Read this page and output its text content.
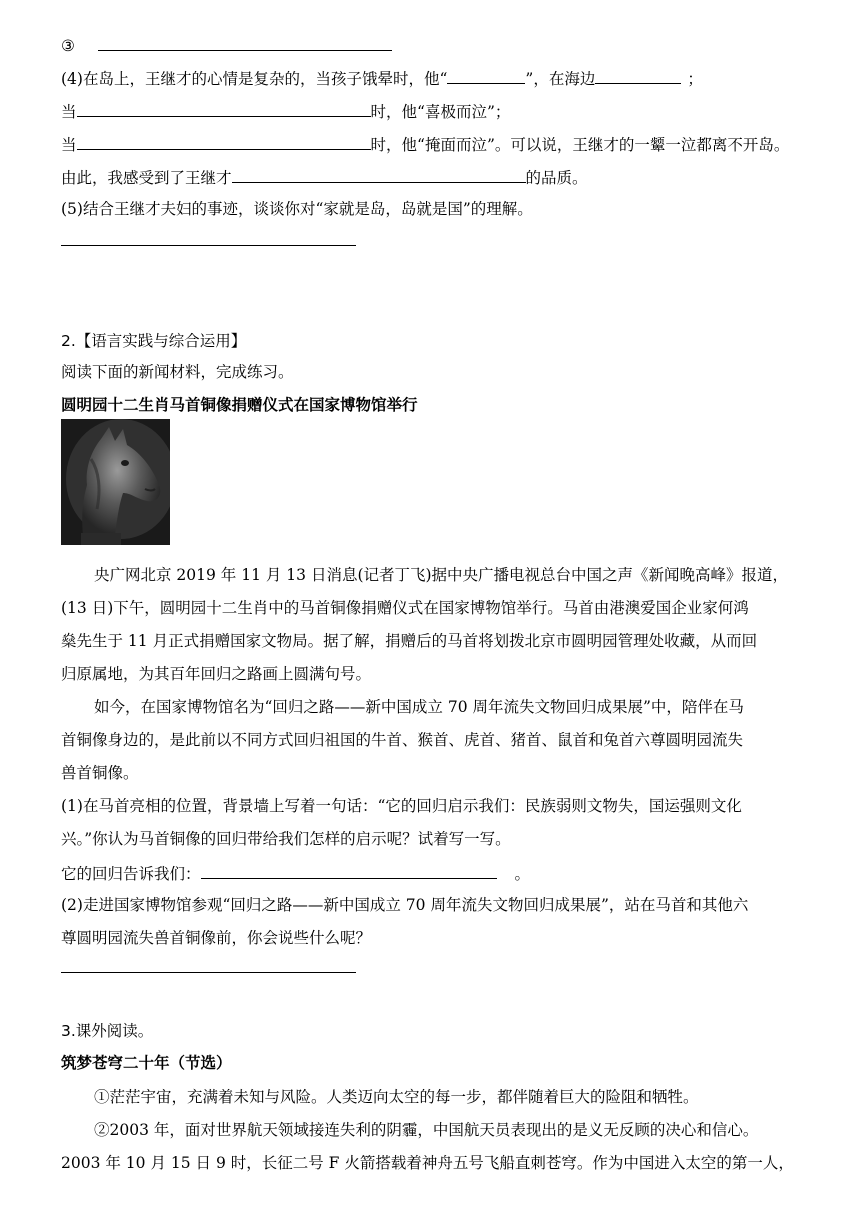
③
(4)在岛上，王继才的心情是复杂的，当孩子饿晕时，他“	”，在海边	；
当	时，他“喜极而泣”；
当	时，他“掩面而泣”。可以说，王继才的一颦一泣都离不开岛。
由此，我感受到了王继才	的品质。
(5)结合王继才夫妇的事迹，谈谈你对“家就是岛，岛就是国”的理解。
2.【语言实践与综合运用】
阅读下面的新闻材料，完成练习。
圆明园十二生肖马首铜像捐赠仪式在国家博物馆举行
央广网北京 2019 年 11 月 13 日消息(记者丁飞)据中央广播电视总台中国之声《新闻晚高峰》报道，
(13 日)下午，圆明园十二生肖中的马首铜像捐赠仪式在国家博物馆举行。马首由港澳爱国企业家何鸿
燊先生于 11 月正式捐赠国家文物局。据了解，捐赠后的马首将划拨北京市圆明园管理处收藏，从而回
归原属地，为其百年回归之路画上圆满句号。
如今，在国家博物馆名为“回归之路——新中国成立 70 周年流失文物回归成果展”中，陪伴在马
首铜像身边的，是此前以不同方式回归祖国的牛首、猴首、虎首、猪首、鼠首和兔首六尊圆明园流失
兽首铜像。
(1)在马首亮相的位置，背景墙上写着一句话：“它的回归启示我们：民族弱则文物失，国运强则文化
兴。”你认为马首铜像的回归带给我们怎样的启示呢？试着写一写。
它的回归告诉我们：	。
(2)走进国家博物馆参观“回归之路——新中国成立 70 周年流失文物回归成果展”，站在马首和其他六
尊圆明园流失兽首铜像前，你会说些什么呢？
3.课外阅读。
筑梦苍穹二十年（节选）
①茫茫宇宙，充满着未知与风险。人类迈向太空的每一步，都伴随着巨大的险阻和牺牲。
②2003 年，面对世界航天领域接连失利的阴霾，中国航天员表现出的是义无反顾的决心和信心。
2003 年 10 月 15 日 9 时，长征二号 F 火箭搭载着神舟五号飞船直刺苍穹。作为中国进入太空的第一人，
